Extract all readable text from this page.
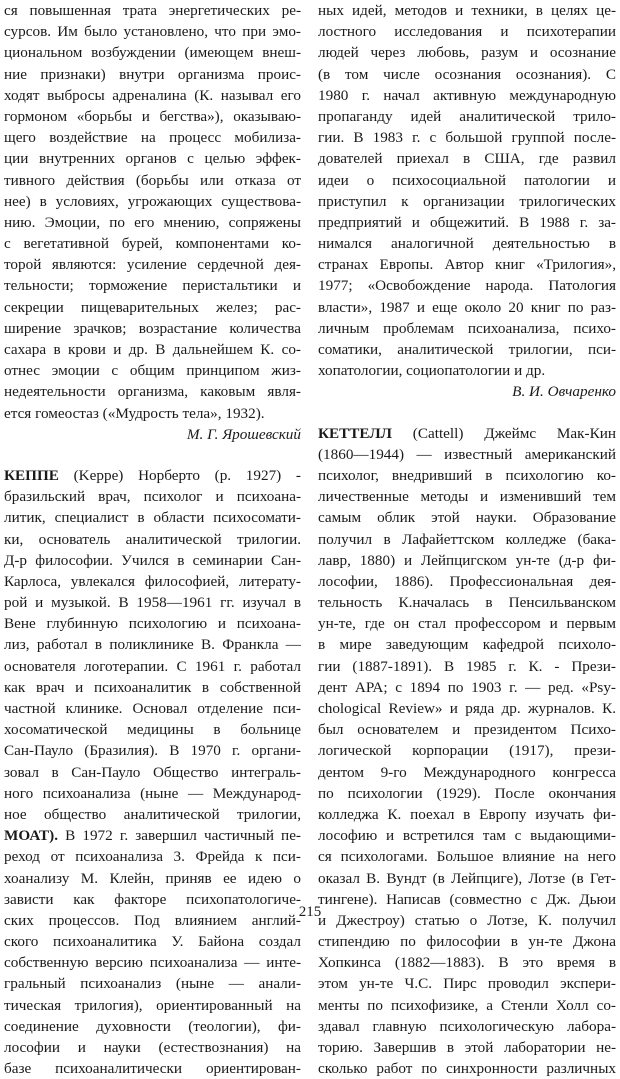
ся повышенная трата энергетических ре-
сурсов. Им было установлено, что при эмо-
циональном возбуждении (имеющем внеш-
ние признаки) внутри организма проис-
ходят выбросы адреналина (К. называл его
гормоном «борьбы и бегства»), оказываю-
щего воздействие на процесс мобилиза-
ции внутренних органов с целью эффек-
тивного действия (борьбы или отказа от
нее) в условиях, угрожающих существова-
нию. Эмоции, по его мнению, сопряжены
с вегетативной бурей, компонентами ко-
торой являются: усиление сердечной дея-
тельности; торможение перистальтики и
секреции пищеварительных желез; рас-
ширение зрачков; возрастание количества
сахара в крови и др. В дальнейшем К. со-
отнес эмоции с общим принципом жиз-
недеятельности организма, каковым явля-
ется гомеостаз («Мудрость тела», 1932).
М. Г. Ярошевский
КЕППЕ (Keppe) Норберто (р. 1927) -
бразильский врач, психолог и психоана-
литик, специалист в области психосомати-
ки, основатель аналитической трилогии.
Д-р философии. Учился в семинарии Сан-
Карлоса, увлекался философией, литерату-
рой и музыкой. В 1958—1961 гг. изучал в
Вене глубинную психологию и психоана-
лиз, работал в поликлинике В. Франкла —
основателя логотерапии. С 1961 г. работал
как врач и психоаналитик в собственной
частной клинике. Основал отделение пси-
хосоматической медицины в больнице
Сан-Пауло (Бразилия). В 1970 г. органи-
зовал в Сан-Пауло Общество интеграль-
ного психоанализа (ныне — Международ-
ное общество аналитической трилогии,
МОАТ). В 1972 г. завершил частичный пе-
реход от психоанализа 3. Фрейда к пси-
хоанализу М. Клейн, приняв ее идею о
зависти как факторе психопатологиче-
ских процессов. Под влиянием англий-
ского психоаналитика У. Байона создал
собственную версию психоанализа — инте-
гральный психоанализ (ныне — анали-
тическая трилогия), ориентированный на
соединение духовности (теологии), фи-
лософии и науки (естествознания) на
базе психоаналитически ориентирован-
ных идей, методов и техники, в целях це-
лостного исследования и психотерапии
людей через любовь, разум и осознание
(в том числе осознания осознания). С
1980 г. начал активную международную
пропаганду идей аналитической трило-
гии. В 1983 г. с большой группой после-
дователей приехал в США, где развил
идеи о психосоциальной патологии и
приступил к организации трилогических
предприятий и общежитий. В 1988 г. за-
нимался аналогичной деятельностью в
странах Европы. Автор книг «Трилогия»,
1977; «Освобождение народа. Патология
власти», 1987 и еще около 20 книг по раз-
личным проблемам психоанализа, психо-
соматики, аналитической трилогии, пси-
хопатологии, социопатологии и др.
В. И. Овчаренко
КЕТТЕЛЛ (Cattell) Джеймс Мак-Кин
(1860—1944) — известный американский
психолог, внедривший в психологию ко-
личественные методы и изменивший тем
самым облик этой науки. Образование
получил в Лафайеттском колледже (бака-
лавр, 1880) и Лейпцигском ун-те (д-р фи-
лософии, 1886). Профессиональная дея-
тельность К.началась в Пенсильванском
ун-те, где он стал профессором и первым
в мире заведующим кафедрой психоло-
гии (1887-1891). В 1985 г. К. - Прези-
дент АРА; с 1894 по 1903 г. — ред. «Psy-
chological Review» и ряда др. журналов. К.
был основателем и президентом Психо-
логической корпорации (1917), прези-
дентом 9-го Международного конгресса
по психологии (1929). После окончания
колледжа К. поехал в Европу изучать фи-
лософию и встретился там с выдающими-
ся психологами. Большое влияние на него
оказал В. Вундт (в Лейпциге), Лотзе (в Гет-
тингене). Написав (совместно с Дж. Дьюи
и Джестроу) статью о Лотзе, К. получил
стипендию по философии в ун-те Джона
Хопкинса (1882—1883). В это время в
этом ун-те Ч.С. Пирс проводил экспери-
менты по психофизике, а Стенли Холл со-
здавал главную психологическую лабора-
торию. Завершив в этой лаборатории не-
сколько работ по синхронности различных
215
